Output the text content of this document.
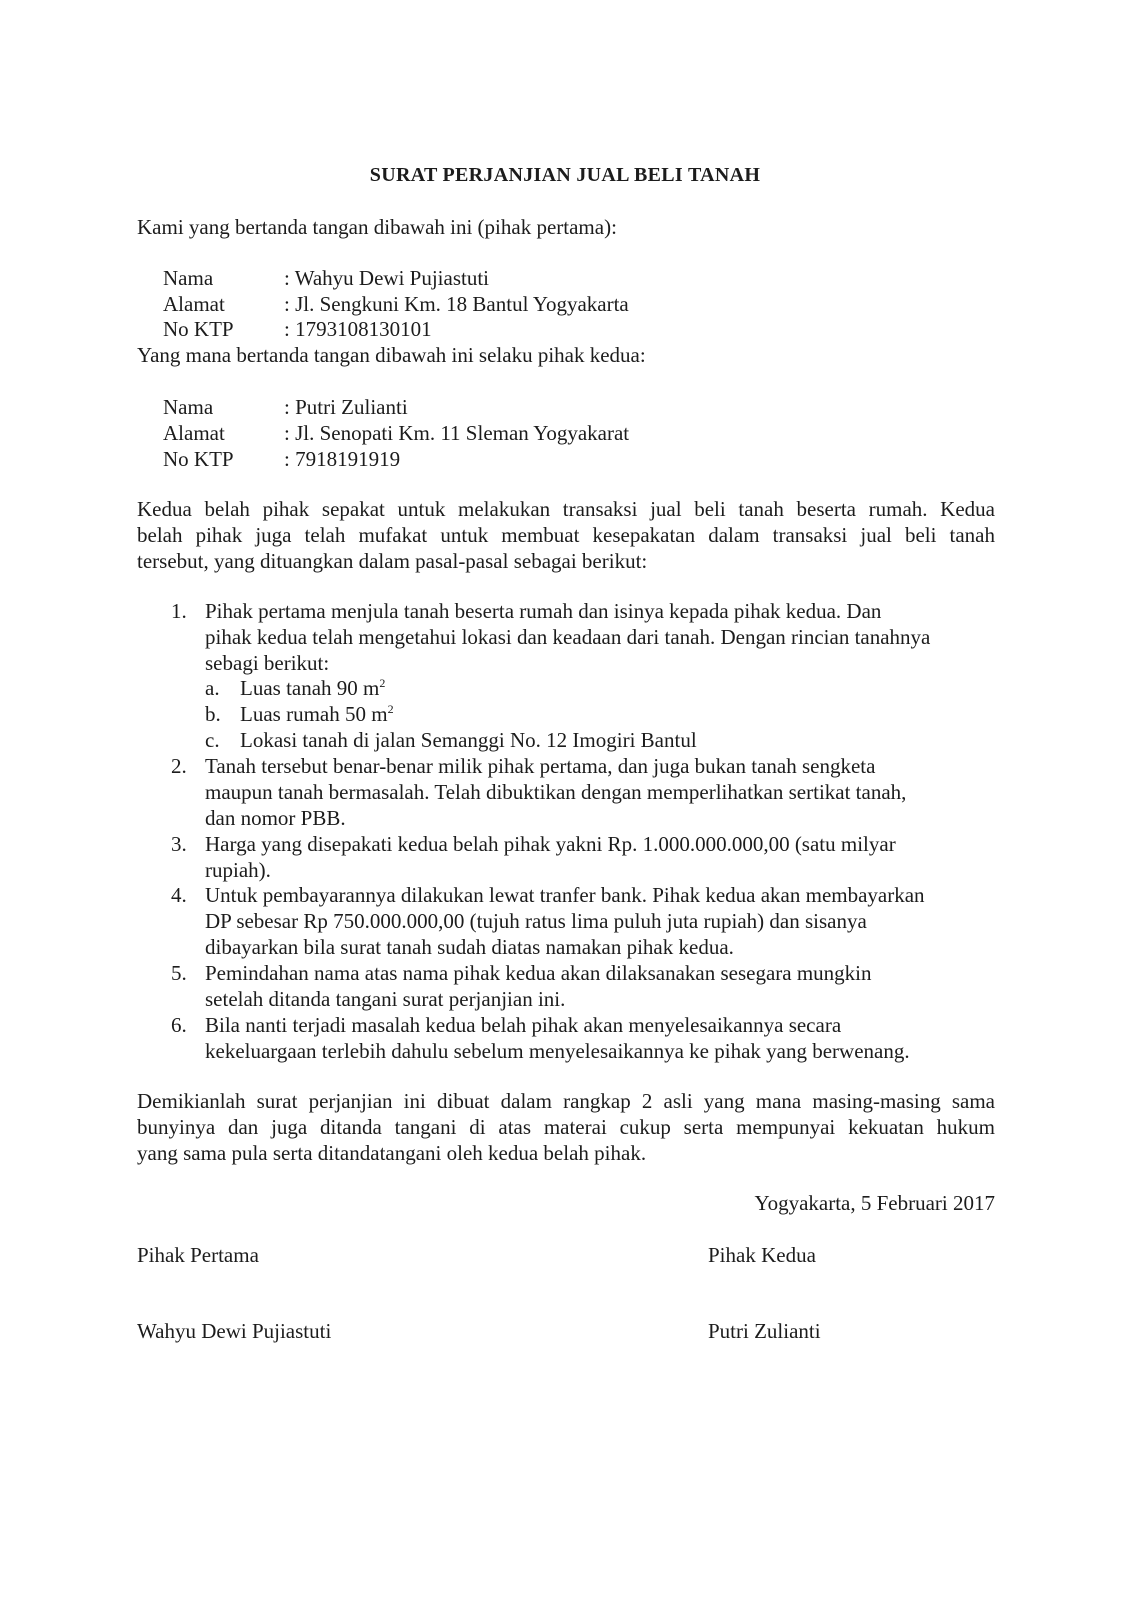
SURAT PERJANJIAN JUAL BELI TANAH
Kami yang bertanda tangan dibawah ini (pihak pertama):
Nama	: Wahyu Dewi Pujiastuti
Alamat	: Jl. Sengkuni Km. 18 Bantul Yogyakarta
No KTP : 1793108130101
Yang mana bertanda tangan dibawah ini selaku pihak kedua:
Nama	: Putri Zulianti
Alamat	: Jl. Senopati Km. 11 Sleman Yogyakarat
No KTP : 7918191919
Kedua belah pihak sepakat untuk melakukan transaksi jual beli tanah beserta rumah. Kedua
belah pihak juga telah mufakat untuk membuat kesepakatan dalam transaksi jual beli tanah
tersebut, yang dituangkan dalam pasal-pasal sebagai berikut:
1. Pihak pertama menjula tanah beserta rumah dan isinya kepada pihak kedua. Dan
pihak kedua telah mengetahui lokasi dan keadaan dari tanah. Dengan rincian tanahnya
sebagi berikut:
a. Luas tanah 90 $m^2$
b. Luas rumah 50 $m^2$
c. Lokasi tanah di jalan Semanggi No. 12 Imogiri Bantul
2. Tanah tersebut benar-benar milik pihak pertama, dan juga bukan tanah sengketa
maupun tanah bermasalah. Telah dibuktikan dengan memperlihatkan sertikat tanah,
dan nomor PBB.
3. Harga yang disepakati kedua belah pihak yakni Rp. 1.000.000.000,00 (satu milyar
rupiah).
4. Untuk pembayarannya dilakukan lewat tranfer bank. Pihak kedua akan membayarkan
DP sebesar Rp 750.000.000,00 (tujuh ratus lima puluh juta rupiah) dan sisanya
dibayarkan bila surat tanah sudah diatas namakan pihak kedua.
5. Pemindahan nama atas nama pihak kedua akan dilaksanakan sesegara mungkin
setelah ditanda tangani surat perjanjian ini.
6. Bila nanti terjadi masalah kedua belah pihak akan menyelesaikannya secara
kekeluargaan terlebih dahulu sebelum menyelesaikannya ke pihak yang berwenang.
Demikianlah surat perjanjian ini dibuat dalam rangkap 2 asli yang mana masing-masing sama
bunyinya dan juga ditanda tangani di atas materai cukup serta mempunyai kekuatan hukum
yang sama pula serta ditandatangani oleh kedua belah pihak.
Yogyakarta, 5 Februari 2017
Pihak Pertama	Pihak Kedua
Wahyu Dewi Pujiastuti	Putri Zulianti
